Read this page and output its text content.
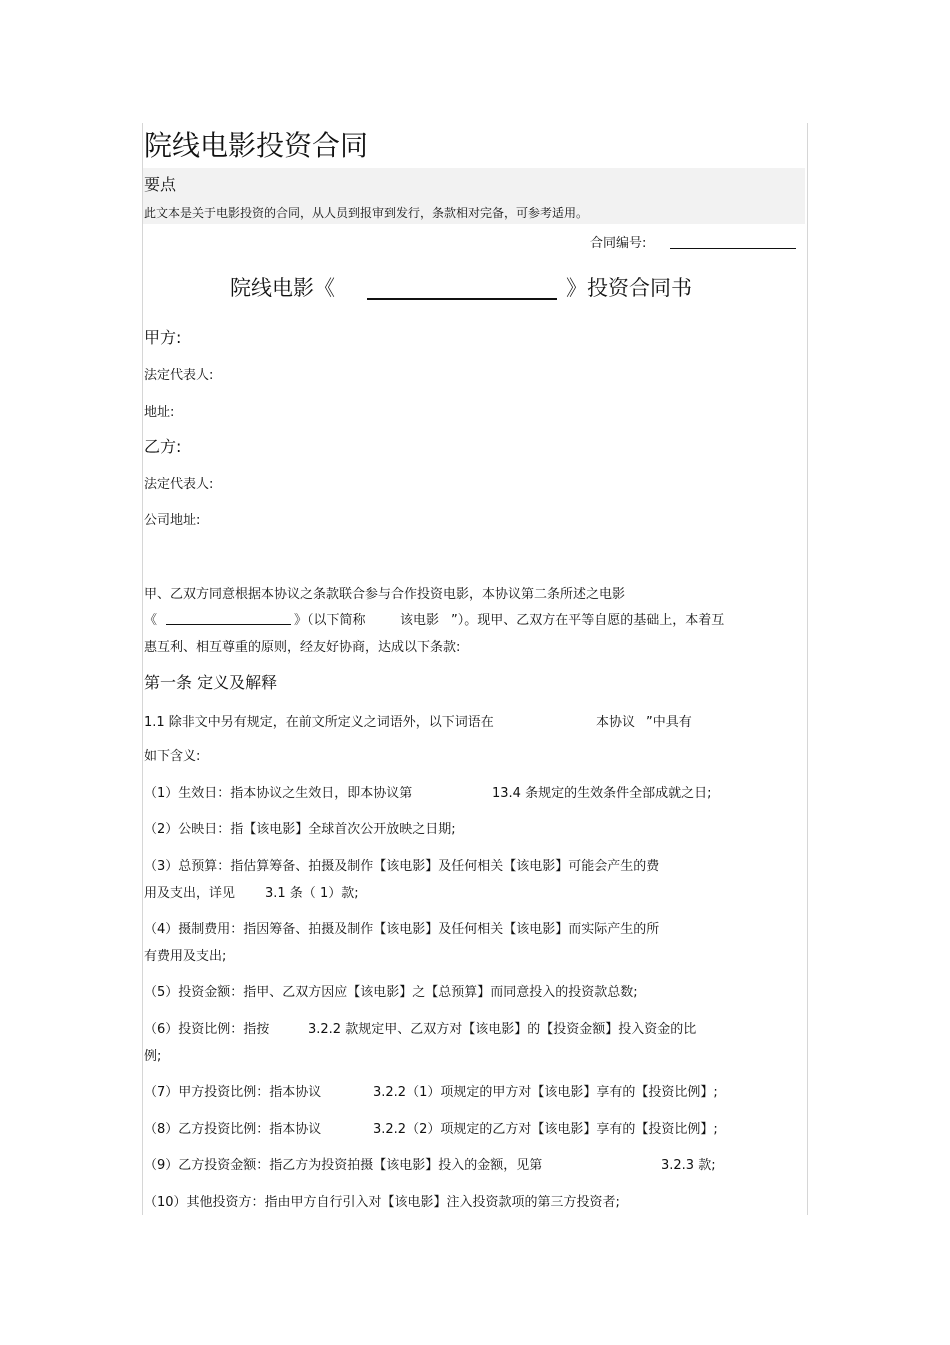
院线电影投资合同
要点
此文本是关于电影投资的合同，从人员到报审到发行，条款相对完备，可参考适用。
合同编号:
院线电影《	》投资合同书
甲方:
法定代表人:
地址:
乙方:
法定代表人:
公司地址:
甲、乙双方同意根据本协议之条款联合参与合作投资电影，本协议第二条所述之电影
《	》（以下简称	该电影 ”）。现甲、乙双方在平等自愿的基础上，本着互
惠互利、相互尊重的原则，经友好协商，达成以下条款:
第一条 定义及解释
1.1 除非文中另有规定，在前文所定义之词语外，以下词语在	本协议 ”中具有
如下含义:
（1）生效日：指本协议之生效日，即本协议第	13.4 条规定的生效条件全部成就之日;
（2）公映日：指【该电影】全球首次公开放映之日期;
（3）总预算：指估算筹备、拍摄及制作【该电影】及任何相关【该电影】可能会产生的费
用及支出，详见 3.1 条（ 1）款;
（4）摄制费用：指因筹备、拍摄及制作【该电影】及任何相关【该电影】而实际产生的所
有费用及支出;
（5）投资金额：指甲、乙双方因应【该电影】之【总预算】而同意投入的投资款总数;
（6）投资比例：指按	3.2.2 款规定甲、乙双方对【该电影】的【投资金额】投入资金的比
例;
（7）甲方投资比例：指本协议	3.2.2（1）项规定的甲方对【该电影】享有的【投资比例】;
（8）乙方投资比例：指本协议	3.2.2（2）项规定的乙方对【该电影】享有的【投资比例】;
（9）乙方投资金额：指乙方为投资拍摄【该电影】投入的金额，见第	3.2.3 款;
（10）其他投资方：指由甲方自行引入对【该电影】注入投资款项的第三方投资者;
